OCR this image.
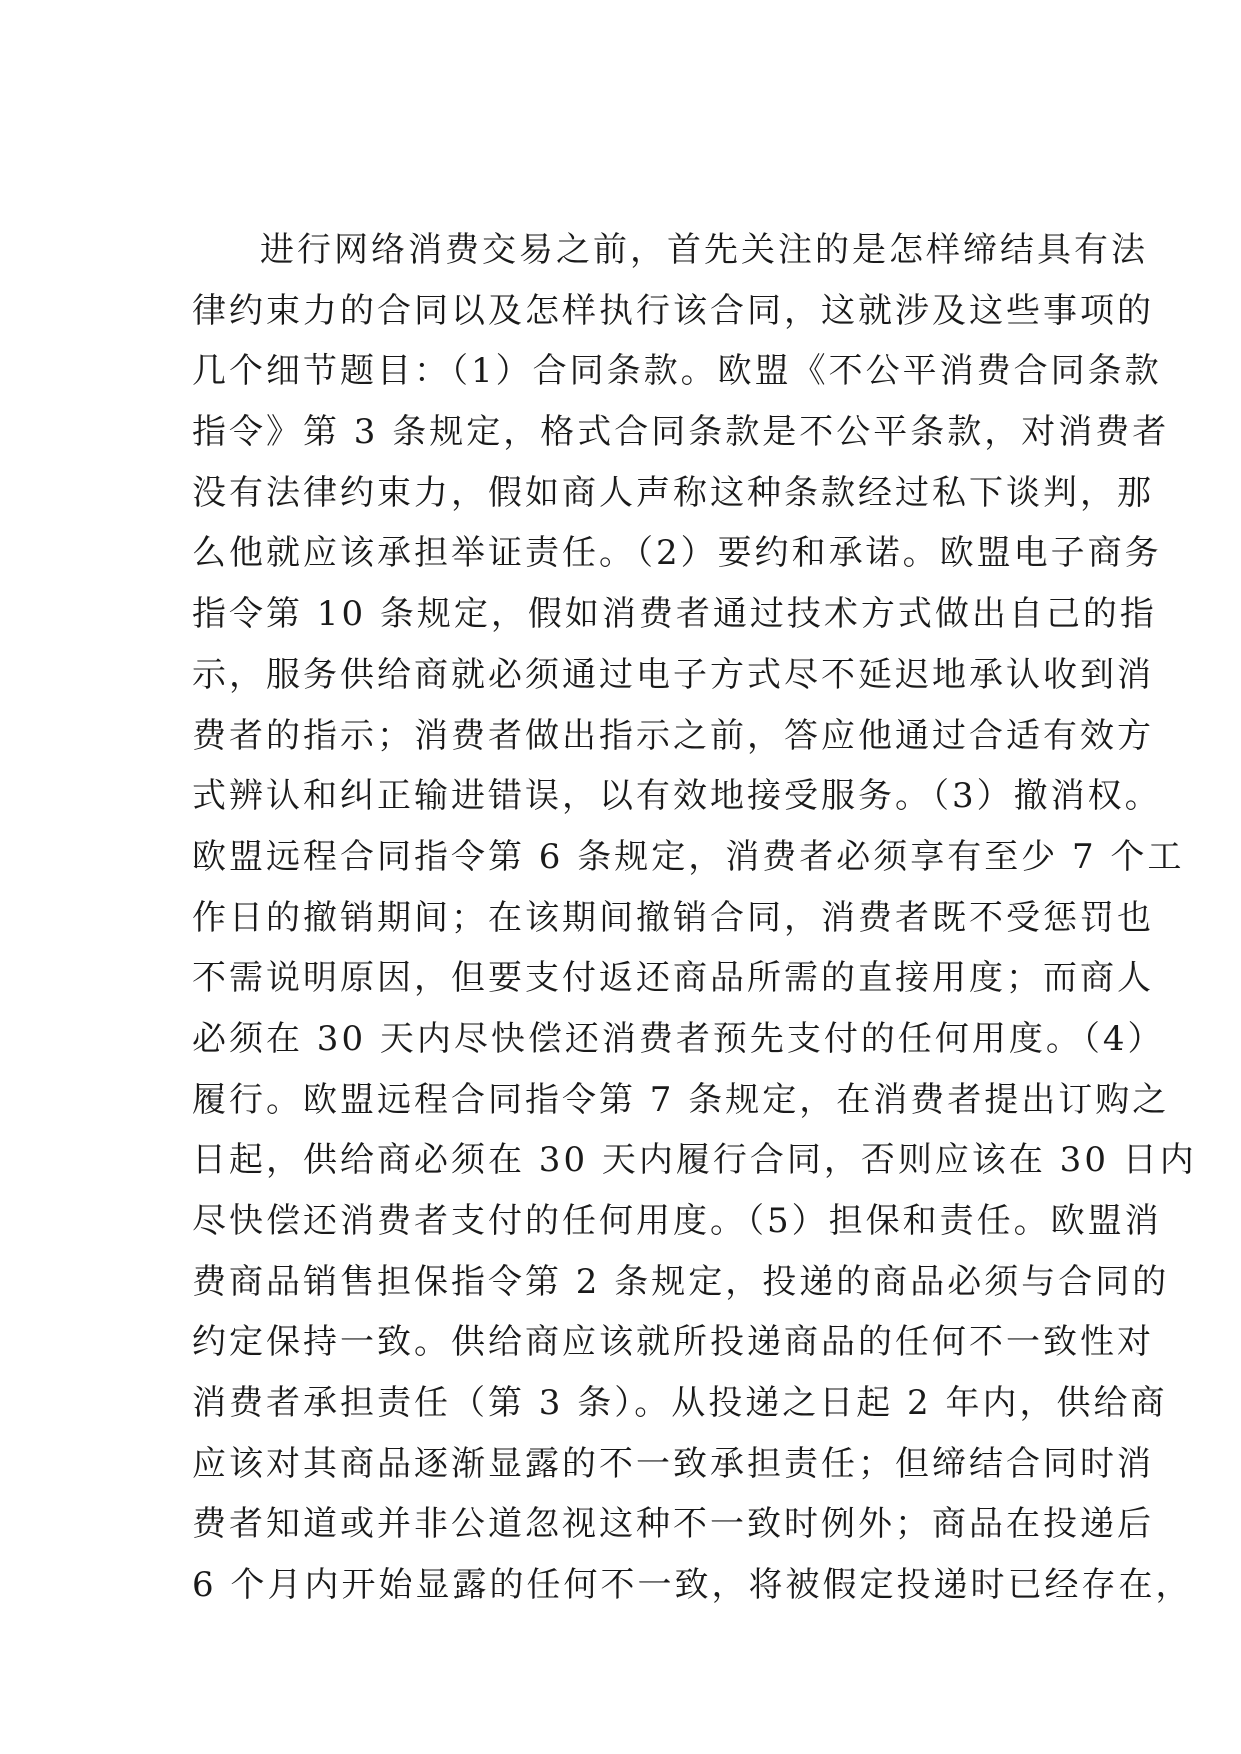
进行网络消费交易之前，首先关注的是怎样缔结具有法
律约束力的合同以及怎样执行该合同，这就涉及这些事项的
几个细节题目：（1）合同条款。欧盟《不公平消费合同条款
指令》第 3 条规定，格式合同条款是不公平条款，对消费者
没有法律约束力，假如商人声称这种条款经过私下谈判，那
么他就应该承担举证责任。（2）要约和承诺。欧盟电子商务
指令第 10 条规定，假如消费者通过技术方式做出自己的指
示，服务供给商就必须通过电子方式尽不延迟地承认收到消
费者的指示；消费者做出指示之前，答应他通过合适有效方
式辨认和纠正输进错误，以有效地接受服务。（3）撤消权。
欧盟远程合同指令第 6 条规定，消费者必须享有至少 7 个工
作日的撤销期间；在该期间撤销合同，消费者既不受惩罚也
不需说明原因，但要支付返还商品所需的直接用度；而商人
必须在 30 天内尽快偿还消费者预先支付的任何用度。（4）
履行。欧盟远程合同指令第 7 条规定，在消费者提出订购之
日起，供给商必须在 30 天内履行合同，否则应该在 30 日内
尽快偿还消费者支付的任何用度。（5）担保和责任。欧盟消
费商品销售担保指令第 2 条规定，投递的商品必须与合同的
约定保持一致。供给商应该就所投递商品的任何不一致性对
消费者承担责任（第 3 条）。从投递之日起 2 年内，供给商
应该对其商品逐渐显露的不一致承担责任；但缔结合同时消
费者知道或并非公道忽视这种不一致时例外；商品在投递后
6 个月内开始显露的任何不一致，将被假定投递时已经存在，
